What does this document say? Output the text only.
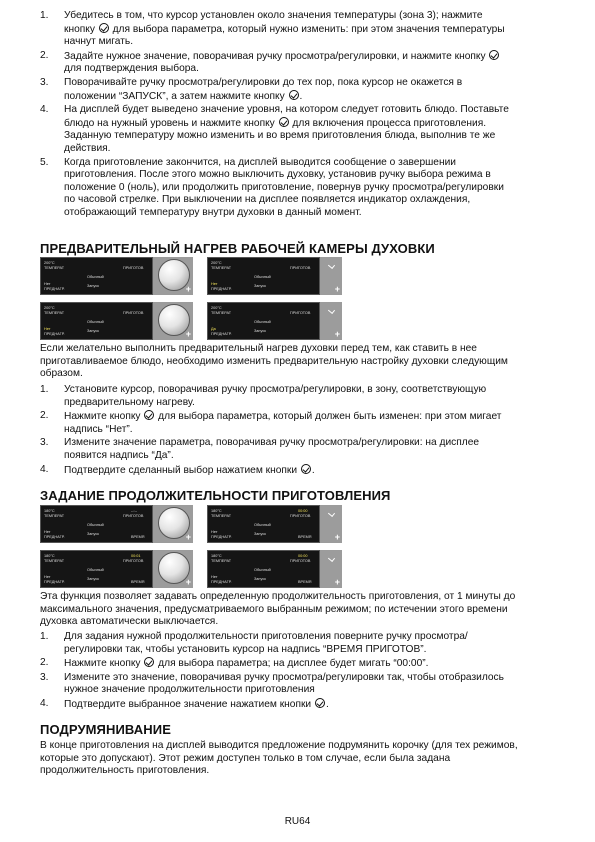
1. Убедитесь в том, что курсор установлен около значения температуры (зона 3); нажмите
кнопку  для выбора параметра, который нужно изменить: при этом значения температуры
начнут мигать.
2. Задайте нужное значение, поворачивая ручку просмотра/регулировки, и нажмите кнопку
для подтверждения выбора.
3. Поворачивайте ручку просмотра/регулировки до тех пор, пока курсор не окажется в
положении “ЗАПУСК”, а затем нажмите кнопку .
4. На дисплей будет выведено значение уровня, на котором следует готовить блюдо. Поставьте
блюдо на нужный уровень и нажмите кнопку  для включения процесса приготовления.
Заданную температуру можно изменить и во время приготовления блюда, выполнив те же
действия.
5. Когда приготовление закончится, на дисплей выводится сообщение о завершении
приготовления. После этого можно выключить духовку, установив ручку выбора режима в
положение 0 (ноль), или продолжить приготовление, повернув ручку просмотра/регулировки
по часовой стрелке. При выключении на дисплее появляется индикатор охлаждения,
отображающий температуру внутри духовки в данный момент.
ПРЕДВАРИТЕЛЬНЫЙ НАГРЕВ РАБОЧЕЙ КАМЕРЫ ДУХОВКИ
200°C
ТЕМПЕРАТ
Обычный
Нет
ПРЕДНАГР.
Запуск
ПРИГОТОВ
+
200°C
ТЕМПЕРАТ
Обычный
Нет
ПРЕДНАГР.
Запуск
ПРИГОТОВ
+
200°C
ТЕМПЕРАТ
Обычный
Нет
ПРЕДНАГР.
Запуск
ПРИГОТОВ
+
200°C
ТЕМПЕРАТ
Обычный
Да
ПРЕДНАГР.
Запуск
ПРИГОТОВ
+

Если желательно выполнить предварительный нагрев духовки перед тем, как ставить в нее
приготавливаемое блюдо, необходимо изменить предварительную настройку духовки следующим
образом.

1. Установите курсор, поворачивая ручку просмотра/регулировки, в зону, соответствующую
предварительному нагреву.
2. Нажмите кнопку  для выбора параметра, который должен быть изменен: при этом мигает
надпись “Нет”.
3. Измените значение параметра, поворачивая ручку просмотра/регулировки: на дисплее
появится надпись “Да”.
4. Подтвердите сделанный выбор нажатием кнопки .
ЗАДАНИЕ ПРОДОЛЖИТЕЛЬНОСТИ ПРИГОТОВЛЕНИЯ
180°C
ТЕМПЕРАТ
Обычный
Нет
ПРЕДНАГР.
Запуск
ПРИГОТОВ
--:--
ВРЕМЯ	+
180°C
ТЕМПЕРАТ
Обычный
Нет
ПРЕДНАГР.
Запуск
ПРИГОТОВ
00:00
ВРЕМЯ	+
180°C
ТЕМПЕРАТ
Обычный
Нет
ПРЕДНАГР.
Запуск
ПРИГОТОВ
00:01
ВРЕМЯ	+
180°C
ТЕМПЕРАТ
Обычный
Нет
ПРЕДНАГР.
Запуск
ПРИГОТОВ
00:00
ВРЕМЯ	+

Эта функция позволяет задавать определенную продолжительность приготовления, от 1 минуты до
максимального значения, предусматриваемого выбранным режимом; по истечении этого времени
духовка автоматически выключается.

1. Для задания нужной продолжительности приготовления поверните ручку просмотра/
регулировки так, чтобы установить курсор на надпись “ВРЕМЯ ПРИГОТОВ”.
2. Нажмите кнопку  для выбора параметра; на дисплее будет мигать “00:00”.
3. Измените это значение, поворачивая ручку просмотра/регулировки так, чтобы отобразилось
нужное значение продолжительности приготовления
4. Подтвердите выбранное значение нажатием кнопки .
ПОДРУМЯНИВАНИЕ

В конце приготовления на дисплей выводится предложение подрумянить корочку (для тех режимов,
которые это допускают). Этот режим доступен только в том случае, если была задана
продолжительность приготовления.

RU64
